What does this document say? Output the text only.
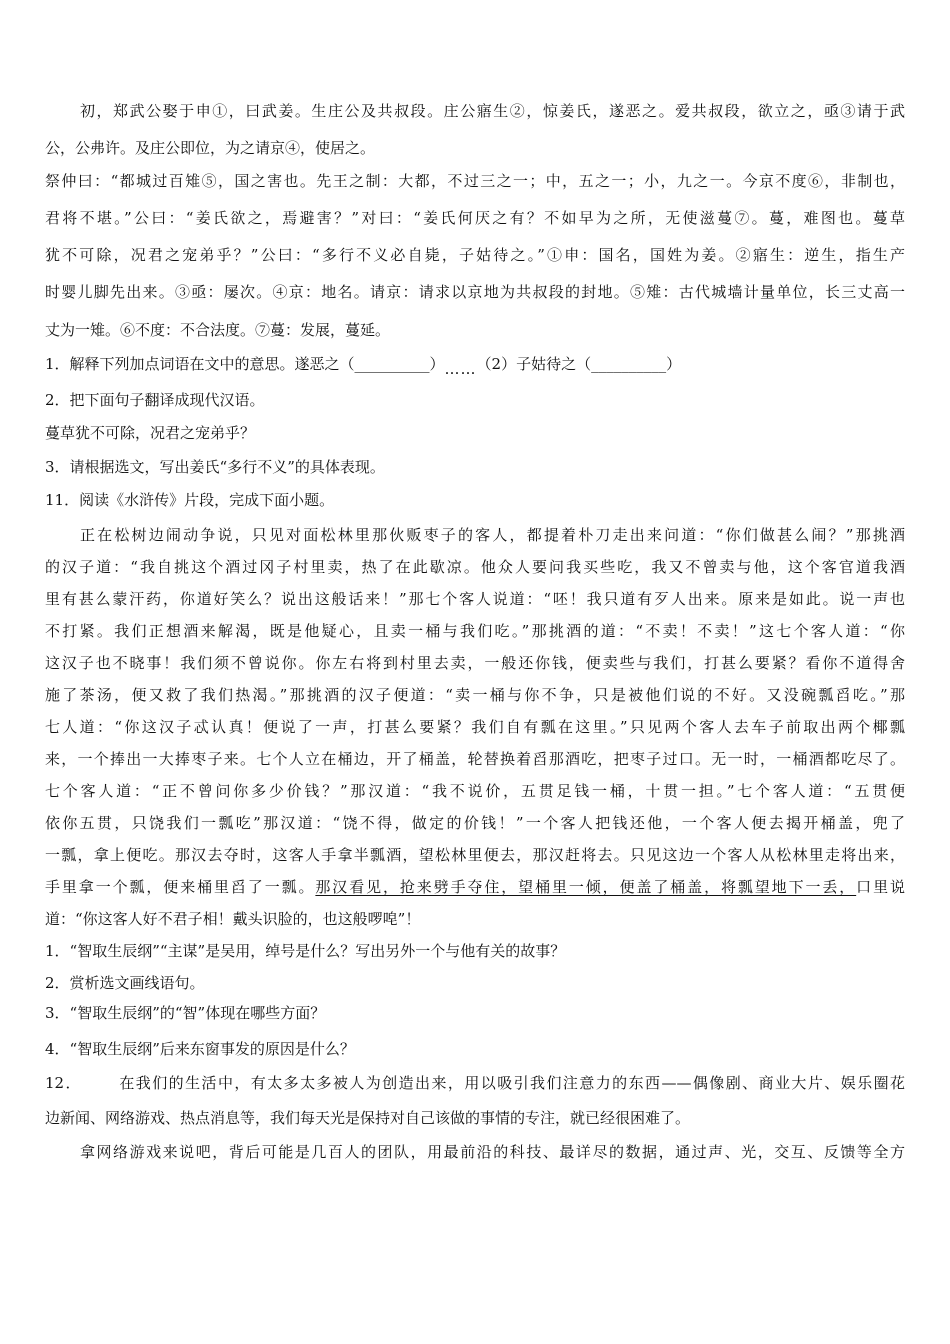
初，郑武公娶于申①，曰武姜。生庄公及共叔段。庄公寤生②，惊姜氏，遂恶之。爱共叔段，欲立之，亟③请于武
公，公弗许。及庄公即位，为之请京④，使居之。
祭仲曰：“都城过百雉⑤，国之害也。先王之制：大都，不过三之一；中，五之一；小，九之一。今京不度⑥，非制也，
君将不堪。”公曰：“姜氏欲之，焉避害？”对曰：“姜氏何厌之有？不如早为之所，无使滋蔓⑦。蔓，难图也。蔓草
犹不可除，况君之宠弟乎？”公曰：“多行不义必自毙，子姑待之。”①申：国名，国姓为姜。②寤生：逆生，指生产
时婴儿脚先出来。③亟：屡次。④京：地名。请京：请求以京地为共叔段的封地。⑤雉：古代城墙计量单位，长三丈高一
丈为一雉。⑥不度：不合法度。⑦蔓：发展，蔓延。
1．解释下列加点词语在文中的意思。遂恶之（__________）……（2）子姑待之（__________）
2．把下面句子翻译成现代汉语。
蔓草犹不可除，况君之宠弟乎？
3．请根据选文，写出姜氏“多行不义”的具体表现。
11．阅读《水浒传》片段，完成下面小题。
正在松树边闹动争说，只见对面松林里那伙贩枣子的客人，都提着朴刀走出来问道：“你们做甚么闹？”那挑酒
的汉子道：“我自挑这个酒过冈子村里卖，热了在此歇凉。他众人要问我买些吃，我又不曾卖与他，这个客官道我酒
里有甚么蒙汗药，你道好笑么？说出这般话来！”那七个客人说道：“呸！我只道有歹人出来。原来是如此。说一声也
不打紧。我们正想酒来解渴，既是他疑心，且卖一桶与我们吃。”那挑酒的道：“不卖！不卖！”这七个客人道：“你
这汉子也不晓事！我们须不曾说你。你左右将到村里去卖，一般还你钱，便卖些与我们，打甚么要紧？看你不道得舍
施了茶汤，便又救了我们热渴。”那挑酒的汉子便道：“卖一桶与你不争，只是被他们说的不好。又没碗瓢舀吃。”那
七人道：“你这汉子忒认真！便说了一声，打甚么要紧？我们自有瓢在这里。”只见两个客人去车子前取出两个椰瓢
来，一个捧出一大捧枣子来。七个人立在桶边，开了桶盖，轮替换着舀那酒吃，把枣子过口。无一时，一桶酒都吃尽了。
七个客人道：“正不曾问你多少价钱？”那汉道：“我不说价，五贯足钱一桶，十贯一担。”七个客人道：“五贯便
依你五贯，只饶我们一瓢吃”那汉道：“饶不得，做定的价钱！”一个客人把钱还他，一个客人便去揭开桶盖，兜了
一瓢，拿上便吃。那汉去夺时，这客人手拿半瓢酒，望松林里便去，那汉赶将去。只见这边一个客人从松林里走将出来，
手里拿一个瓢，便来桶里舀了一瓢。那汉看见，抢来劈手夺住，望桶里一倾，便盖了桶盖，将瓢望地下一丢，口里说
道：“你这客人好不君子相！戴头识脸的，也这般啰唣”！
1．“智取生辰纲”“主谋”是吴用，绰号是什么？写出另外一个与他有关的故事？
2．赏析选文画线语句。
3．“智取生辰纲”的“智”体现在哪些方面？
4．“智取生辰纲”后来东窗事发的原因是什么？
12． 在我们的生活中，有太多太多被人为创造出来，用以吸引我们注意力的东西——偶像剧、商业大片、娱乐圈花
边新闻、网络游戏、热点消息等，我们每天光是保持对自己该做的事情的专注，就已经很困难了。
拿网络游戏来说吧，背后可能是几百人的团队，用最前沿的科技、最详尽的数据，通过声、光，交互、反馈等全方
